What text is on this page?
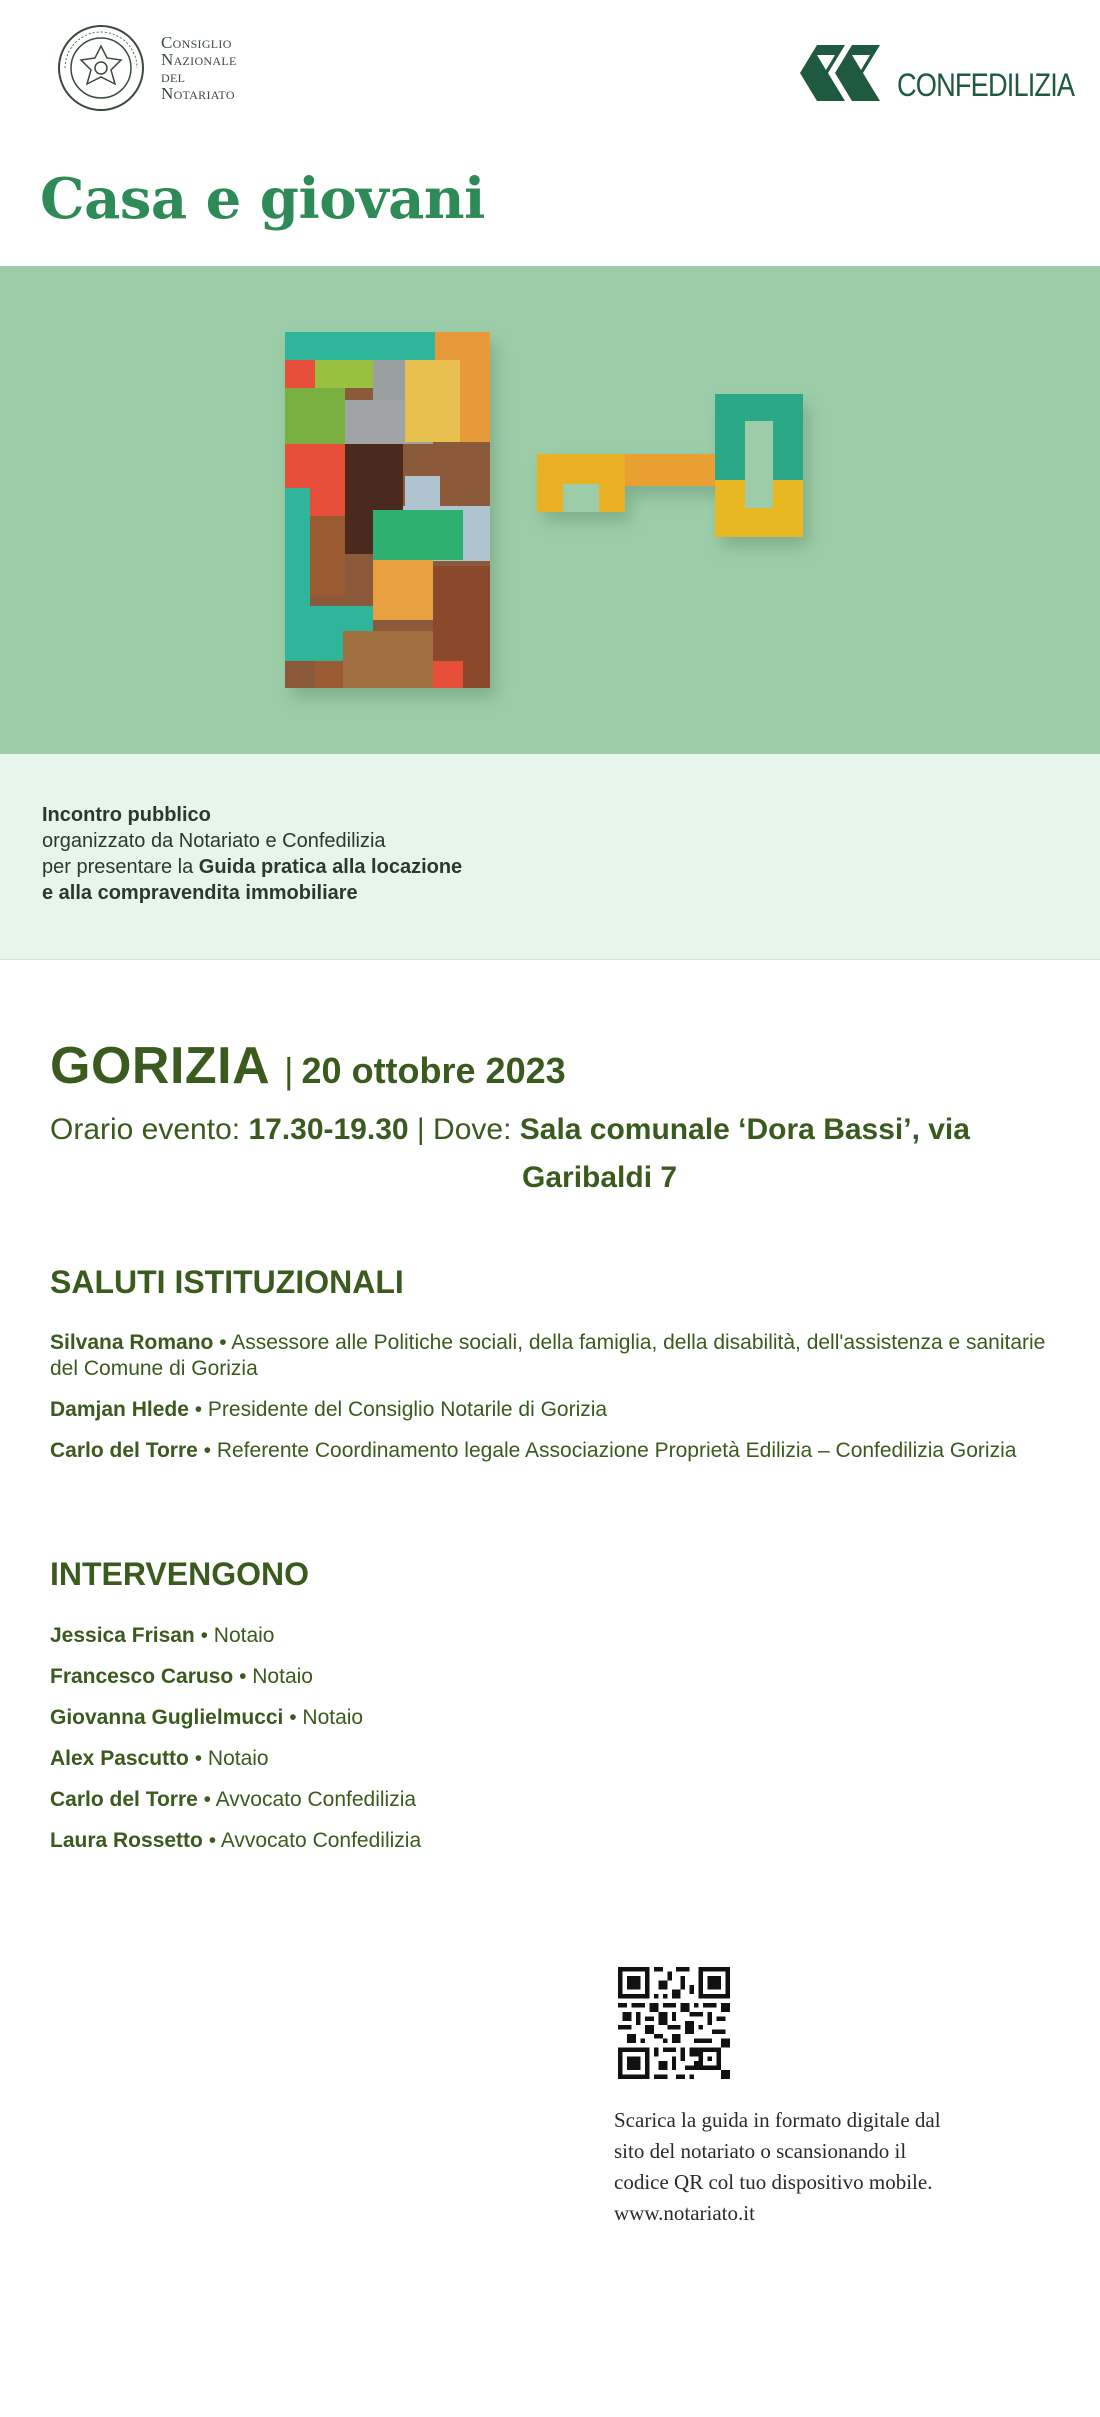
Consiglio
Nazionale
del
Notariato	CONFEDILIZIA
Casa e giovani
Incontro pubblico
organizzato da Notariato e Confedilizia
per presentare la Guida pratica alla locazione
e alla compravendita immobiliare
GORIZIA | 20 ottobre 2023
Orario evento: 17.30-19.30 | Dove: Sala comunale ‘Dora Bassi’, via
Garibaldi 7
SALUTI ISTITUZIONALI
Silvana Romano • Assessore alle Politiche sociali, della famiglia, della disabilità, dell'assistenza e sanitarie del Comune di Gorizia
Damjan Hlede • Presidente del Consiglio Notarile di Gorizia
Carlo del Torre • Referente Coordinamento legale Associazione Proprietà Edilizia – Confedilizia Gorizia
INTERVENGONO
Jessica Frisan • Notaio
Francesco Caruso • Notaio
Giovanna Guglielmucci • Notaio
Alex Pascutto • Notaio
Carlo del Torre • Avvocato Confedilizia
Laura Rossetto • Avvocato Confedilizia
Scarica la guida in formato digitale dal
sito del notariato o scansionando il
codice QR col tuo dispositivo mobile.
www.notariato.it
